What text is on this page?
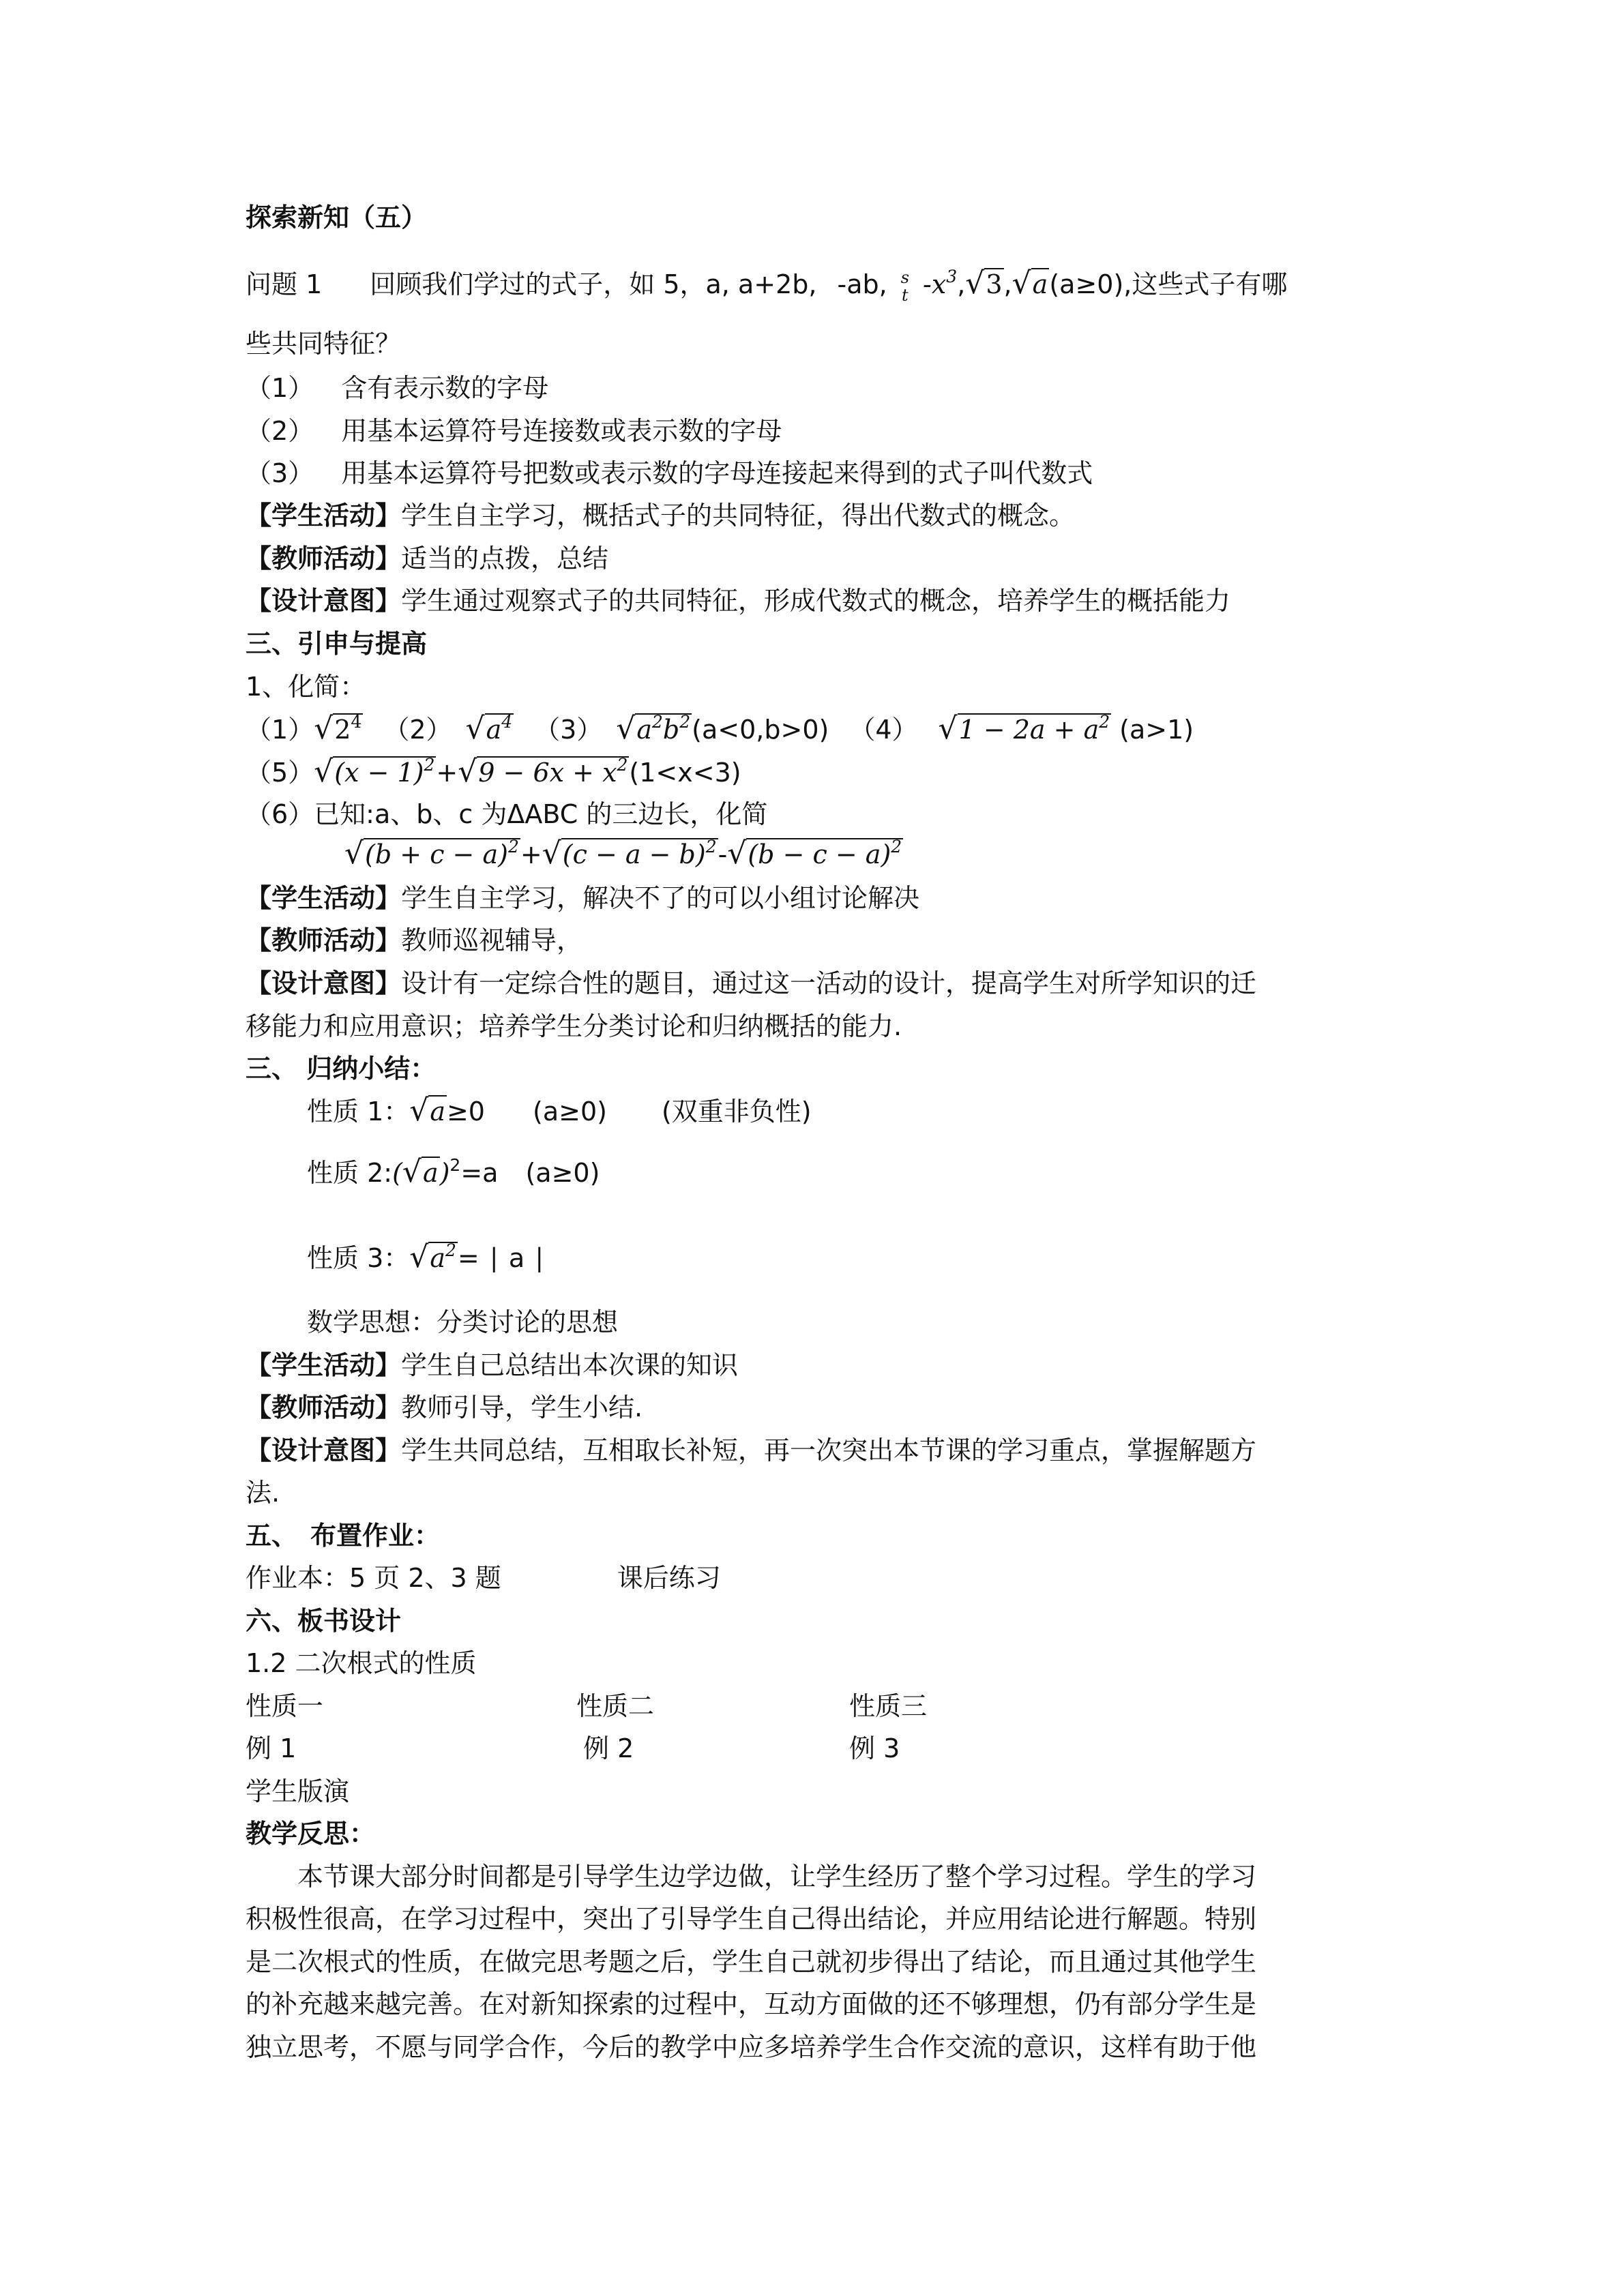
探索新知（五）
问题 1 回顾我们学过的式子，如 5，a, a+2b, -ab, s
t $-x^3,√3,√a(a\ge 0)$,这些式子有哪
些共同特征？
（1） 含有表示数的字母
（2） 用基本运算符号连接数或表示数的字母
（3） 用基本运算符号把数或表示数的字母连接起来得到的式子叫代数式
【学生活动】学生自主学习，概括式子的共同特征，得出代数式的概念。
【教师活动】适当的点拨，总结
【设计意图】学生通过观察式子的共同特征，形成代数式的概念，培养学生的概括能力
三、引申与提高
1、化简：
$(1)√2^4$ （2） $√a^4$ （3） $√a^2b^2(a<0,b>0)$ （4） $√1 - 2a + a^2$ (a>1)
$(5)√(x - 1)^2+√9 - 6x + x^2(1<x<3)$
（6）已知:a、b、c 为ΔABC 的三边长，化简
$√(b + c - a)^2+√(c - a - b)^2-√(b - c - a)^2$
【学生活动】学生自主学习，解决不了的可以小组讨论解决
【教师活动】教师巡视辅导，
【设计意图】设计有一定综合性的题目，通过这一活动的设计，提高学生对所学知识的迁
移能力和应用意识；培养学生分类讨论和归纳概括的能力.
三、 归纳小结：
性质 1：√a≥0 (a≥0) (双重非负性)
性质 $2:(√a)^2=a$ (a≥0)
性质 3：$√a^2=$ ∣ a ∣
数学思想：分类讨论的思想
【学生活动】学生自己总结出本次课的知识
【教师活动】教师引导，学生小结.
【设计意图】学生共同总结，互相取长补短，再一次突出本节课的学习重点，掌握解题方
法.
五、　布置作业：
作业本：5 页 2、3 题	课后练习
六、板书设计
1.2 二次根式的性质
性质一	性质二	性质三
例 1	例 2	例 3
学生版演
教学反思：
　　本节课大部分时间都是引导学生边学边做，让学生经历了整个学习过程。学生的学习
积极性很高，在学习过程中，突出了引导学生自己得出结论，并应用结论进行解题。特别
是二次根式的性质，在做完思考题之后，学生自己就初步得出了结论，而且通过其他学生
的补充越来越完善。在对新知探索的过程中，互动方面做的还不够理想，仍有部分学生是
独立思考，不愿与同学合作，今后的教学中应多培养学生合作交流的意识，这样有助于他
